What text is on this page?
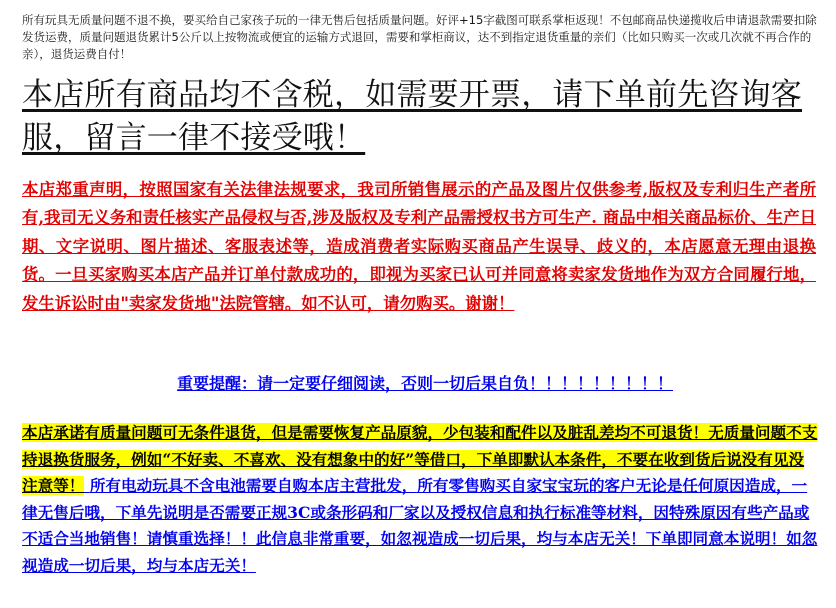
所有玩具无质量问题不退不换，要买给自己家孩子玩的一律无售后包括质量问题。好评+15字截图可联系掌柜返现！不包邮商品快递揽收后申请退款需要扣除发货运费，质量问题退货累计5公斤以上按物流或便宜的运输方式退回，需要和掌柜商议，达不到指定退货重量的亲们（比如只购买一次或几次就不再合作的亲），退货运费自付！
本店所有商品均不含税，如需要开票，请下单前先咨询客服，留言一律不接受哦！
本店郑重声明，按照国家有关法律法规要求，我司所销售展示的产品及图片仅供参考,版权及专利归生产者所有,我司无义务和责任核实产品侵权与否,涉及版权及专利产品需授权书方可生产. 商品中相关商品标价、生产日期、文字说明、图片描述、客服表述等，造成消费者实际购买商品产生误导、歧义的，本店愿意无理由退换货。一旦买家购买本店产品并订单付款成功的，即视为买家已认可并同意将卖家发货地作为双方合同履行地，发生诉讼时由"卖家发货地"法院管辖。如不认可，请勿购买。谢谢！
重要提醒：请一定要仔细阅读，否则一切后果自负！！！！！！！！！
本店承诺有质量问题可无条件退货，但是需要恢复产品原貌，少包装和配件以及脏乱差均不可退货！无质量问题不支持退换货服务，例如“不好卖、不喜欢、没有想象中的好”等借口，下单即默认本条件，不要在收到货后说没有见没注意等！ 所有电动玩具不含电池需要自购本店主营批发，所有零售购买自家宝宝玩的客户无论是任何原因造成，一律无售后哦，下单先说明是否需要正规3C或条形码和厂家以及授权信息和执行标准等材料，因特殊原因有些产品或不适合当地销售！请慎重选择！！此信息非常重要，如忽视造成一切后果，均与本店无关！下单即同意本说明！如忽视造成一切后果，均与本店无关！
